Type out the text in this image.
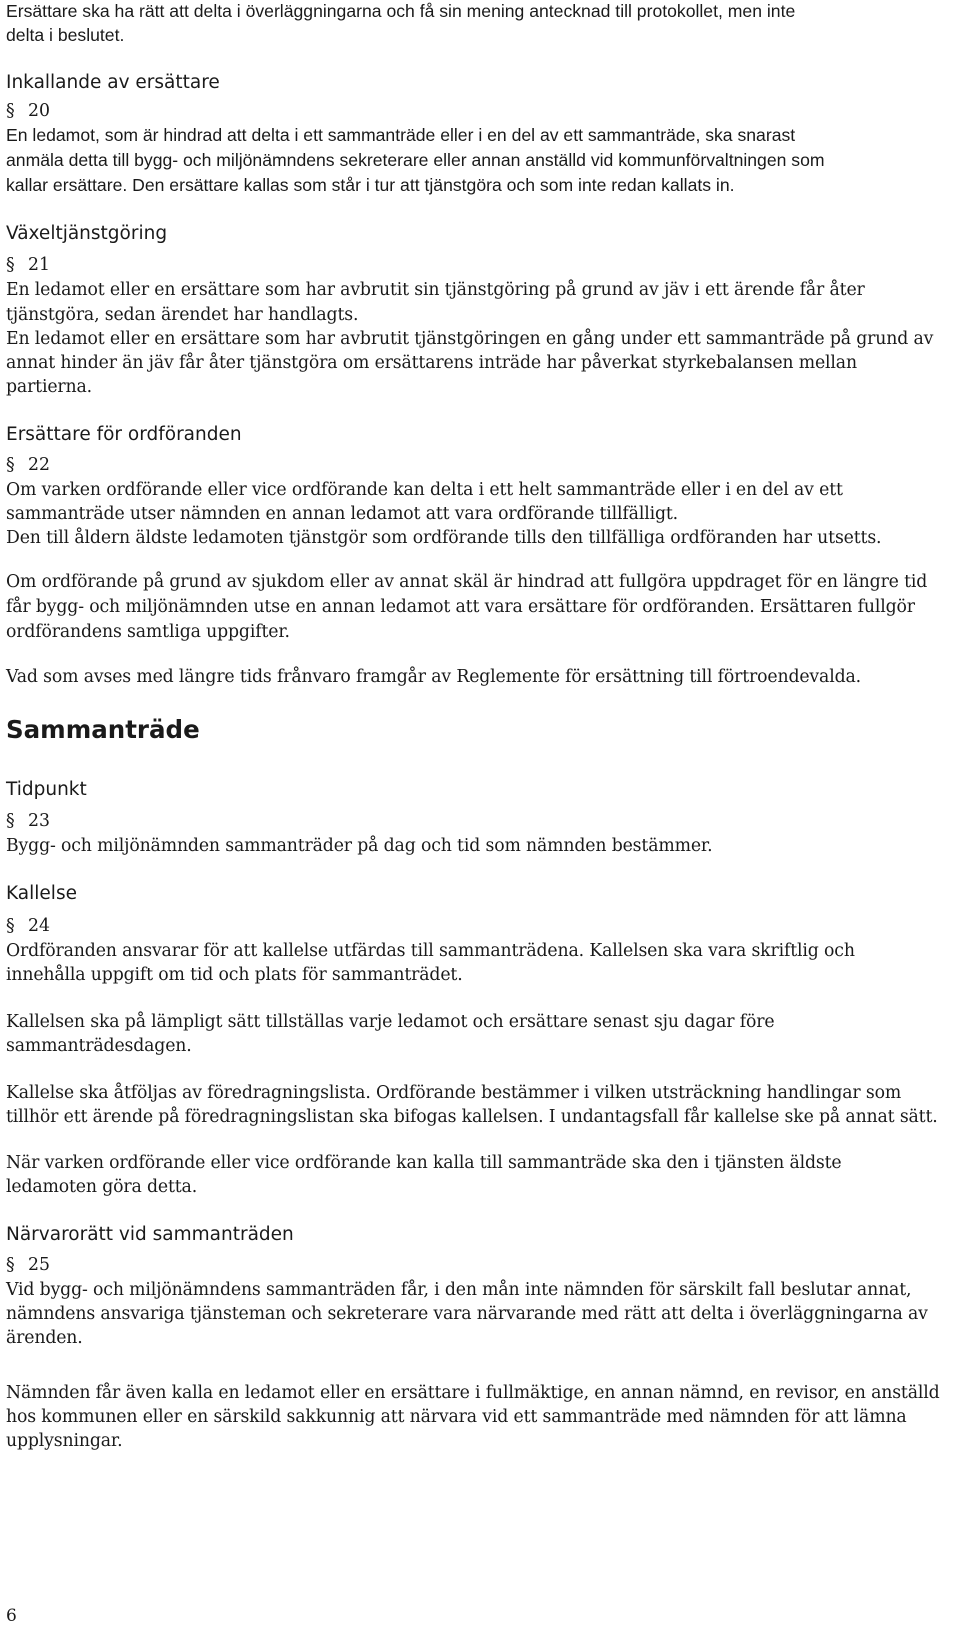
Ersättare ska ha rätt att delta i överläggningarna och få sin mening antecknad till protokollet, men inte
delta i beslutet.
Inkallande av ersättare
§ 20
En ledamot, som är hindrad att delta i ett sammanträde eller i en del av ett sammanträde, ska snarast
anmäla detta till bygg- och miljönämndens sekreterare eller annan anställd vid kommunförvaltningen som
kallar ersättare. Den ersättare kallas som står i tur att tjänstgöra och som inte redan kallats in.
Växeltjänstgöring
§ 21
En ledamot eller en ersättare som har avbrutit sin tjänstgöring på grund av jäv i ett ärende får åter
tjänstgöra, sedan ärendet har handlagts.
En ledamot eller en ersättare som har avbrutit tjänstgöringen en gång under ett sammanträde på grund av
annat hinder än jäv får åter tjänstgöra om ersättarens inträde har påverkat styrkebalansen mellan
partierna.
Ersättare för ordföranden
§ 22
Om varken ordförande eller vice ordförande kan delta i ett helt sammanträde eller i en del av ett
sammanträde utser nämnden en annan ledamot att vara ordförande tillfälligt.
Den till åldern äldste ledamoten tjänstgör som ordförande tills den tillfälliga ordföranden har utsetts.
Om ordförande på grund av sjukdom eller av annat skäl är hindrad att fullgöra uppdraget för en längre tid
får bygg- och miljönämnden utse en annan ledamot att vara ersättare för ordföranden. Ersättaren fullgör
ordförandens samtliga uppgifter.
Vad som avses med längre tids frånvaro framgår av Reglemente för ersättning till förtroendevalda.
Sammanträde
Tidpunkt
§ 23
Bygg- och miljönämnden sammanträder på dag och tid som nämnden bestämmer.
Kallelse
§ 24
Ordföranden ansvarar för att kallelse utfärdas till sammanträdena. Kallelsen ska vara skriftlig och
innehålla uppgift om tid och plats för sammanträdet.
Kallelsen ska på lämpligt sätt tillställas varje ledamot och ersättare senast sju dagar före
sammanträdesdagen.
Kallelse ska åtföljas av föredragningslista. Ordförande bestämmer i vilken utsträckning handlingar som
tillhör ett ärende på föredragningslistan ska bifogas kallelsen. I undantagsfall får kallelse ske på annat sätt.
När varken ordförande eller vice ordförande kan kalla till sammanträde ska den i tjänsten äldste
ledamoten göra detta.
Närvarorätt vid sammanträden
§ 25
Vid bygg- och miljönämndens sammanträden får, i den mån inte nämnden för särskilt fall beslutar annat,
nämndens ansvariga tjänsteman och sekreterare vara närvarande med rätt att delta i överläggningarna av
ärenden.
Nämnden får även kalla en ledamot eller en ersättare i fullmäktige, en annan nämnd, en revisor, en anställd
hos kommunen eller en särskild sakkunnig att närvara vid ett sammanträde med nämnden för att lämna
upplysningar.
6
